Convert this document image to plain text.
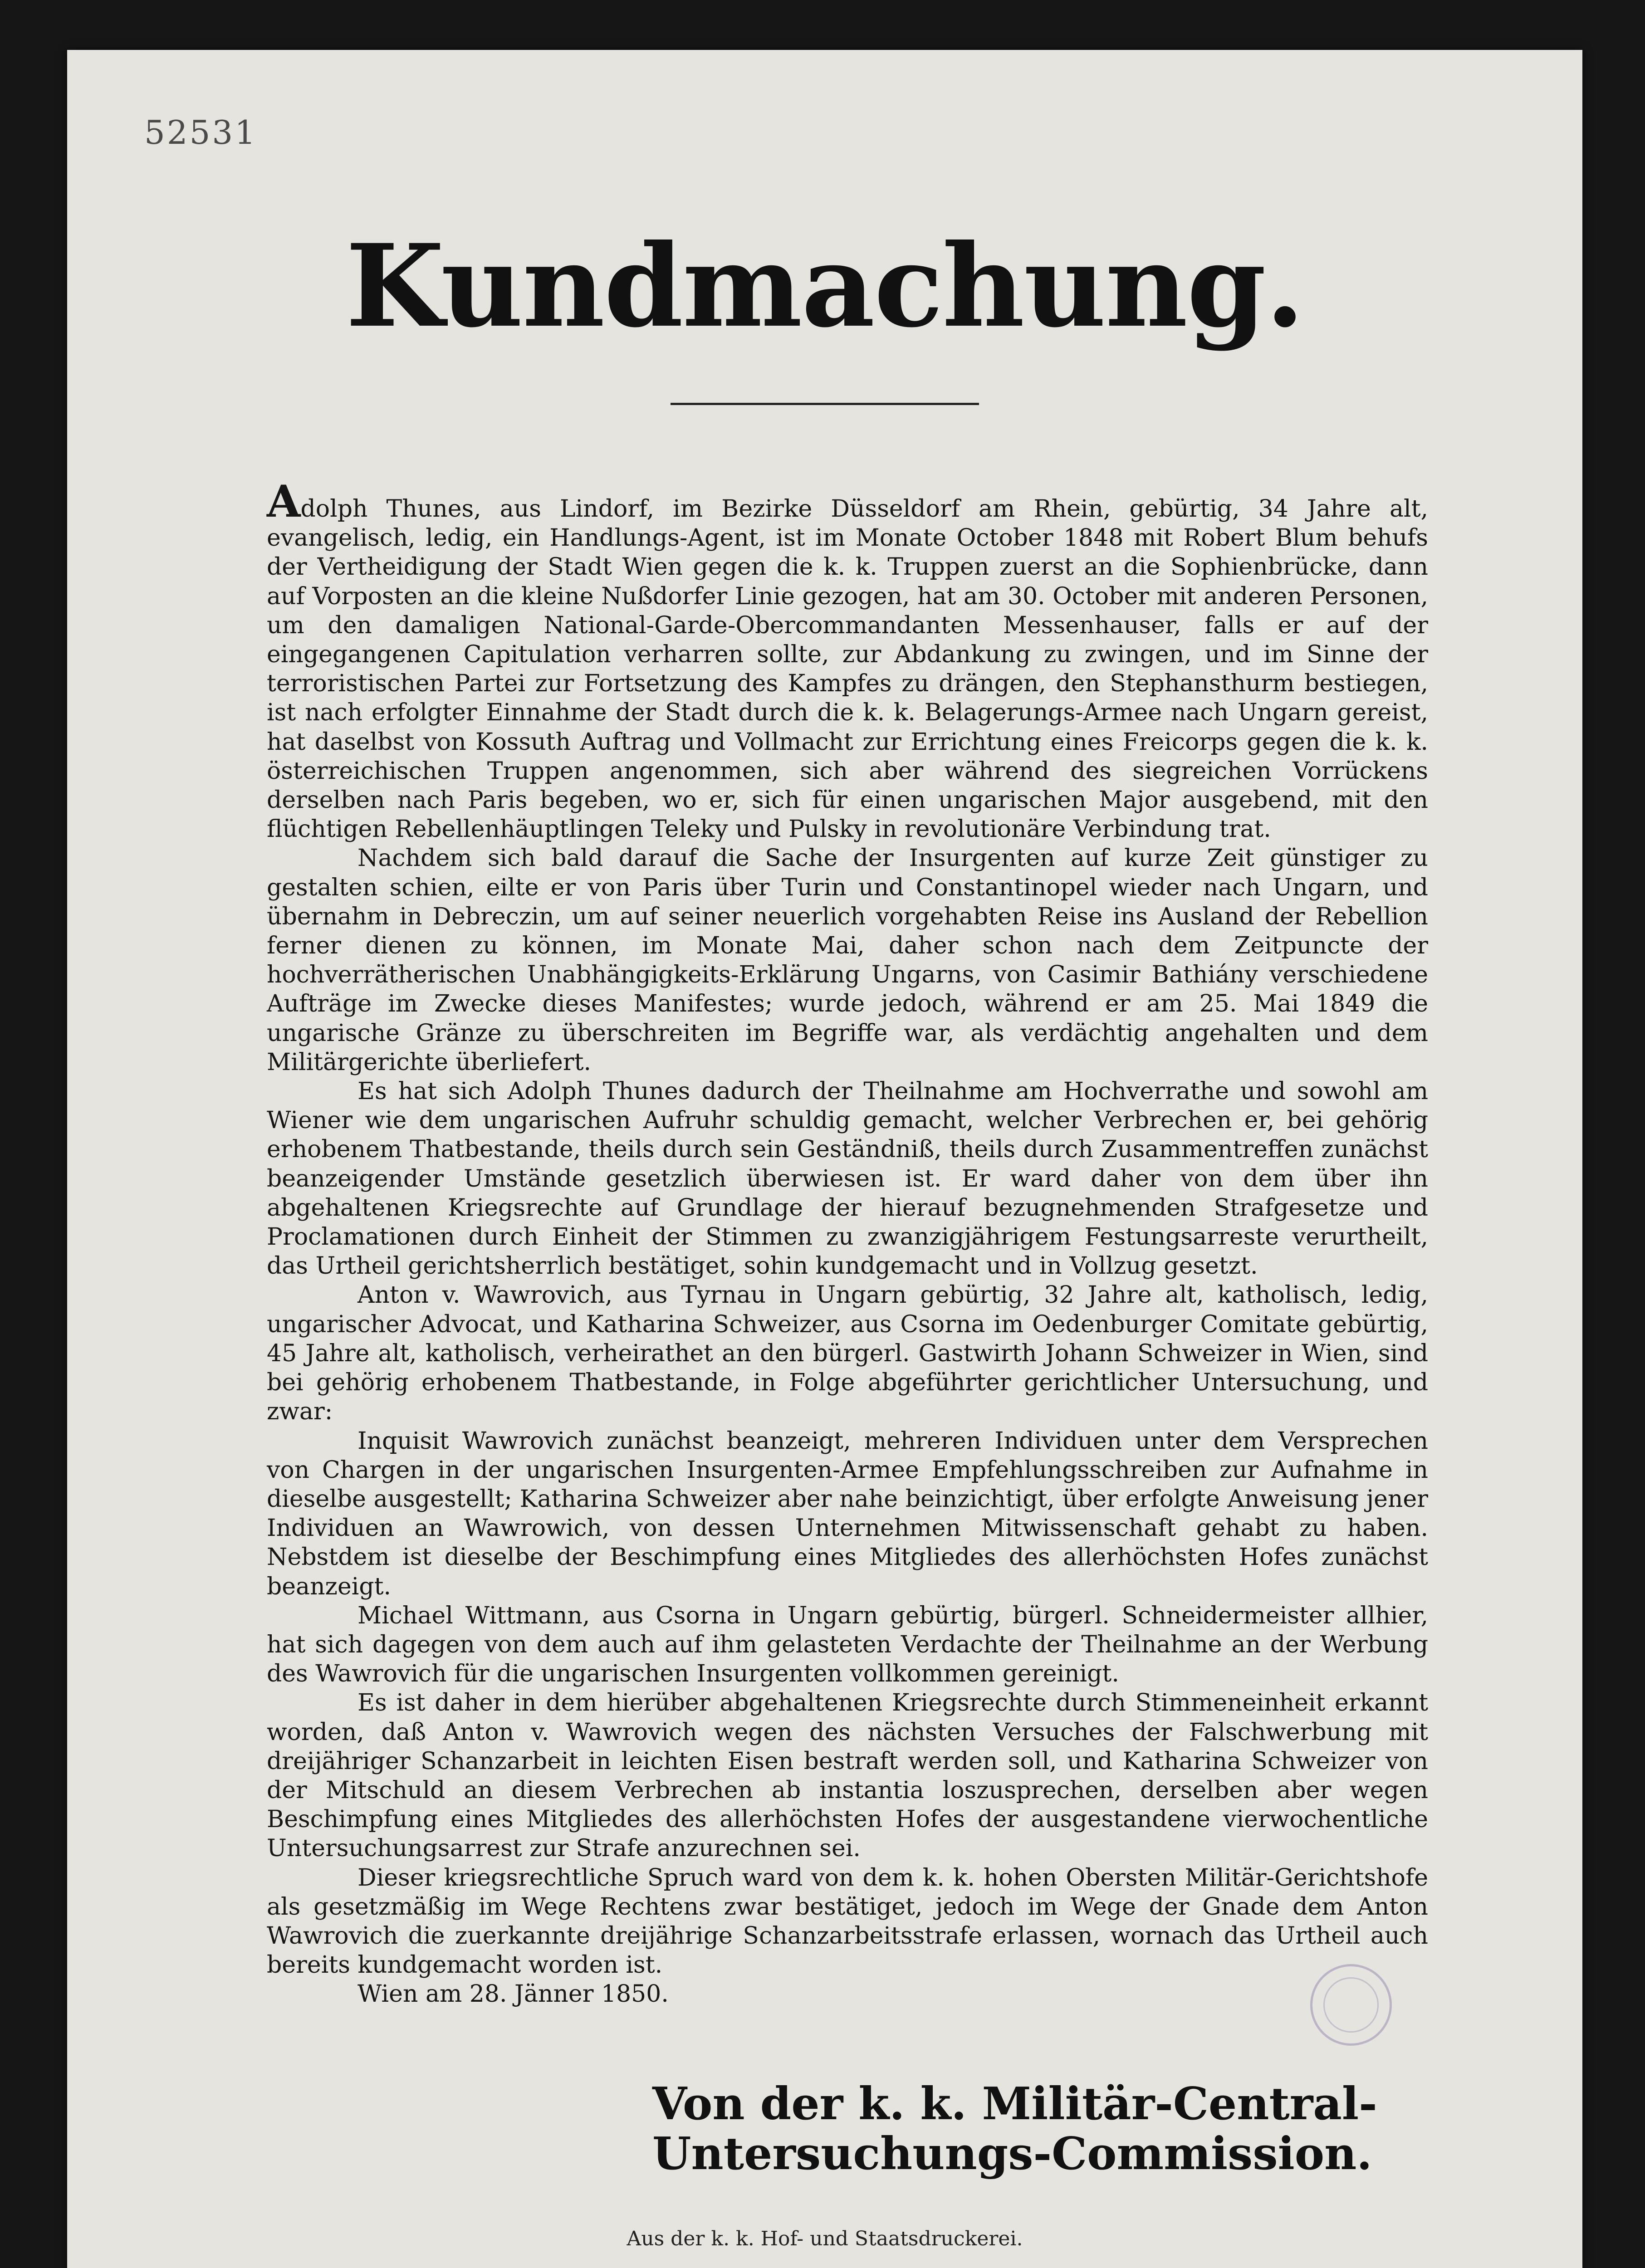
52531
Kundmachung.

Adolph Thunes, aus Lindorf, im Bezirke Düsseldorf am Rhein, gebürtig, 34 Jahre alt, evangelisch, ledig, ein Handlungs-Agent, ist im Monate October 1848 mit Robert Blum behufs der Vertheidigung der Stadt Wien gegen die k. k. Truppen zuerst an die Sophienbrücke, dann auf Vorposten an die kleine Nußdorfer Linie gezogen, hat am 30. October mit anderen Personen, um den damaligen National-Garde-Obercommandanten Messenhauser, falls er auf der eingegangenen Capitulation verharren sollte, zur Abdankung zu zwingen, und im Sinne der terroristischen Partei zur Fortsetzung des Kampfes zu drängen, den Stephansthurm bestiegen, ist nach erfolgter Einnahme der Stadt durch die k. k. Belagerungs-Armee nach Ungarn gereist, hat daselbst von Kossuth Auftrag und Vollmacht zur Errichtung eines Freicorps gegen die k. k. österreichischen Truppen angenommen, sich aber während des siegreichen Vorrückens derselben nach Paris begeben, wo er, sich für einen ungarischen Major ausgebend, mit den flüchtigen Rebellenhäuptlingen Teleky und Pulsky in revolutionäre Verbindung trat.

Nachdem sich bald darauf die Sache der Insurgenten auf kurze Zeit günstiger zu gestalten schien, eilte er von Paris über Turin und Constantinopel wieder nach Ungarn, und übernahm in Debreczin, um auf seiner neuerlich vorgehabten Reise ins Ausland der Rebellion ferner dienen zu können, im Monate Mai, daher schon nach dem Zeitpuncte der hochverrätherischen Unabhängigkeits-Erklärung Ungarns, von Casimir Bathiány verschiedene Aufträge im Zwecke dieses Manifestes; wurde jedoch, während er am 25. Mai 1849 die ungarische Gränze zu überschreiten im Begriffe war, als verdächtig angehalten und dem Militärgerichte überliefert.

Es hat sich Adolph Thunes dadurch der Theilnahme am Hochverrathe und sowohl am Wiener wie dem ungarischen Aufruhr schuldig gemacht, welcher Verbrechen er, bei gehörig erhobenem Thatbestande, theils durch sein Geständniß, theils durch Zusammentreffen zunächst beanzeigender Umstände gesetzlich überwiesen ist. Er ward daher von dem über ihn abgehaltenen Kriegsrechte auf Grundlage der hierauf bezugnehmenden Strafgesetze und Proclamationen durch Einheit der Stimmen zu zwanzigjährigem Festungsarreste verurtheilt, das Urtheil gerichtsherrlich bestätiget, sohin kundgemacht und in Vollzug gesetzt.

Anton v. Wawrovich, aus Tyrnau in Ungarn gebürtig, 32 Jahre alt, katholisch, ledig, ungarischer Advocat, und Katharina Schweizer, aus Csorna im Oedenburger Comitate gebürtig, 45 Jahre alt, katholisch, verheirathet an den bürgerl. Gastwirth Johann Schweizer in Wien, sind bei gehörig erhobenem Thatbestande, in Folge abgeführter gerichtlicher Untersuchung, und zwar:

Inquisit Wawrovich zunächst beanzeigt, mehreren Individuen unter dem Versprechen von Chargen in der ungarischen Insurgenten-Armee Empfehlungsschreiben zur Aufnahme in dieselbe ausgestellt; Katharina Schweizer aber nahe beinzichtigt, über erfolgte Anweisung jener Individuen an Wawrowich, von dessen Unternehmen Mitwissenschaft gehabt zu haben. Nebstdem ist dieselbe der Beschimpfung eines Mitgliedes des allerhöchsten Hofes zunächst beanzeigt.

Michael Wittmann, aus Csorna in Ungarn gebürtig, bürgerl. Schneidermeister allhier, hat sich dagegen von dem auch auf ihm gelasteten Verdachte der Theilnahme an der Werbung des Wawrovich für die ungarischen Insurgenten vollkommen gereinigt.

Es ist daher in dem hierüber abgehaltenen Kriegsrechte durch Stimmeneinheit erkannt worden, daß Anton v. Wawrovich wegen des nächsten Versuches der Falschwerbung mit dreijähriger Schanzarbeit in leichten Eisen bestraft werden soll, und Katharina Schweizer von der Mitschuld an diesem Verbrechen ab instantia loszusprechen, derselben aber wegen Beschimpfung eines Mitgliedes des allerhöchsten Hofes der ausgestandene vierwochentliche Untersuchungsarrest zur Strafe anzurechnen sei.

Dieser kriegsrechtliche Spruch ward von dem k. k. hohen Obersten Militär-Gerichtshofe als gesetzmäßig im Wege Rechtens zwar bestätiget, jedoch im Wege der Gnade dem Anton Wawrovich die zuerkannte dreijährige Schanzarbeitsstrafe erlassen, wornach das Urtheil auch bereits kundgemacht worden ist.

Wien am 28. Jänner 1850.

Von der k. k. Militär-Central-
Untersuchungs-Commission.
Aus der k. k. Hof- und Staatsdruckerei.
